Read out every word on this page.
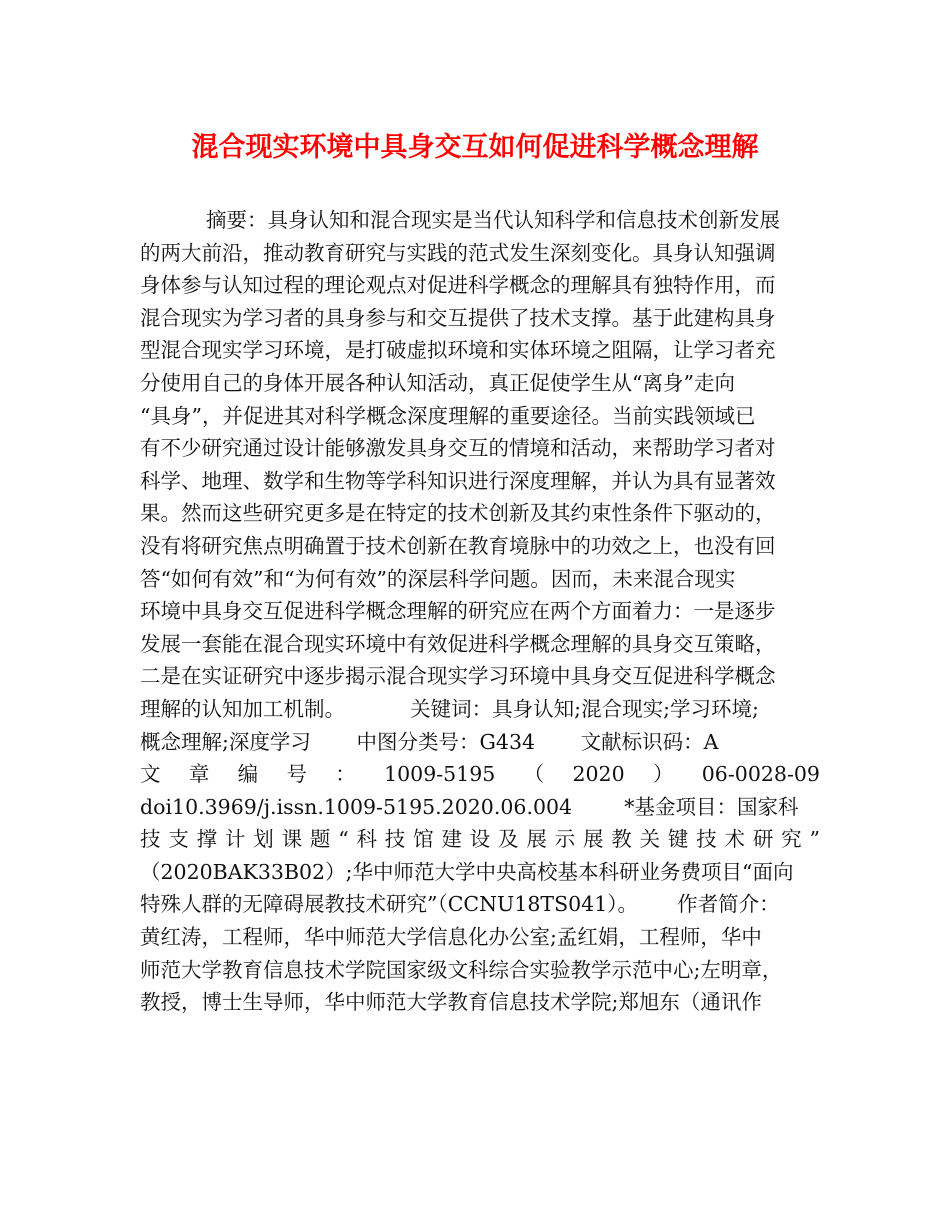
混合现实环境中具身交互如何促进科学概念理解
摘要：具身认知和混合现实是当代认知科学和信息技术创新发展
的两大前沿，推动教育研究与实践的范式发生深刻变化。具身认知强调
身体参与认知过程的理论观点对促进科学概念的理解具有独特作用，而
混合现实为学习者的具身参与和交互提供了技术支撑。基于此建构具身
型混合现实学习环境，是打破虚拟环境和实体环境之阻隔，让学习者充
分使用自己的身体开展各种认知活动，真正促使学生从“离身”走向
“具身”，并促进其对科学概念深度理解的重要途径。当前实践领域已
有不少研究通过设计能够激发具身交互的情境和活动，来帮助学习者对
科学、地理、数学和生物等学科知识进行深度理解，并认为具有显著效
果。然而这些研究更多是在特定的技术创新及其约束性条件下驱动的，
没有将研究焦点明确置于技术创新在教育境脉中的功效之上，也没有回
答“如何有效”和“为何有效”的深层科学问题。因而，未来混合现实
环境中具身交互促进科学概念理解的研究应在两个方面着力：一是逐步
发展一套能在混合现实环境中有效促进科学概念理解的具身交互策略，
二是在实证研究中逐步揭示混合现实学习环境中具身交互促进科学概念
理解的认知加工机制。          关键词：具身认知;混合现实;学习环境;
概念理解;深度学习       中图分类号：G434       文献标识码：A
文 章 编 号 ： 1009-5195 （ 2020 ） 06-0028-09
doi10.3969/j.issn.1009-5195.2020.06.004        *基金项目：国家科
技 支 撑 计 划 课 题 “ 科 技 馆 建 设 及 展 示 展 教 关 键 技 术 研 究 ”
（2020BAK33B02）;华中师范大学中央高校基本科研业务费项目“面向
特殊人群的无障碍展教技术研究”（CCNU18TS041）。      作者简介：
黄红涛，工程师，华中师范大学信息化办公室;孟红娟，工程师，华中
师范大学教育信息技术学院国家级文科综合实验教学示范中心;左明章，
教授，博士生导师，华中师范大学教育信息技术学院;郑旭东（通讯作
